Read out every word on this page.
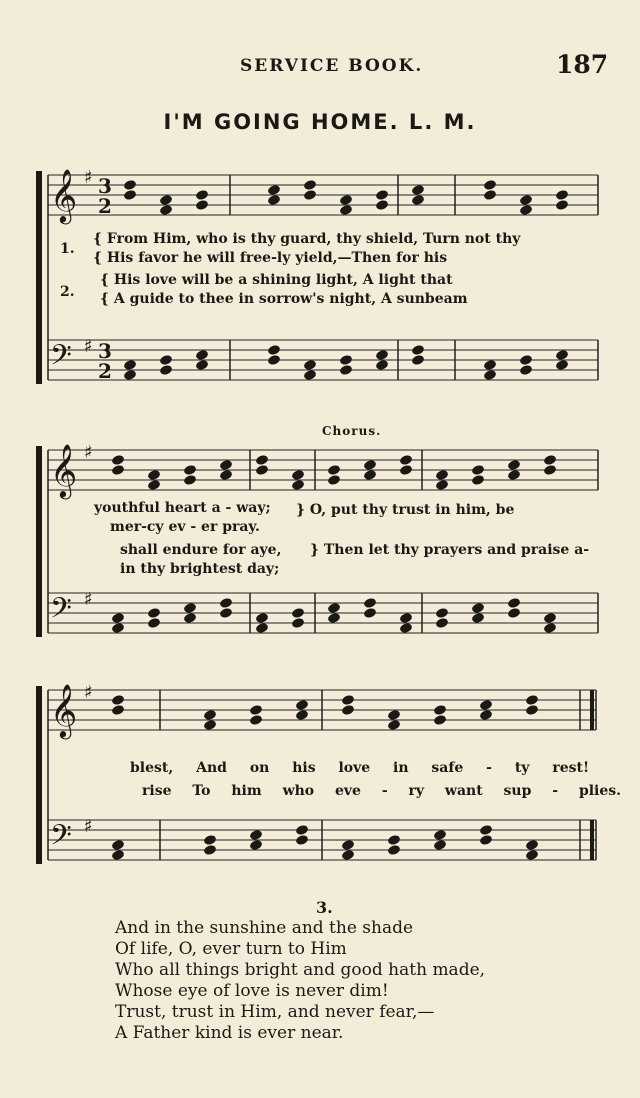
SERVICE BOOK.	187
I'M GOING HOME. L. M.
𝄞 ♯ 3
2
𝄢 ♯ 3
2
𝄞 ♯
𝄢 ♯
𝄞 ♯
𝄢 ♯
1.
2.
{ From Him, who is thy guard, thy shield, Turn not thy
{ His favor he will free-ly yield,—Then for his
{ His love will be a shining light, A light that
{ A guide to thee in sorrow's night, A sunbeam
Chorus.
youthful heart a - way;
mer-cy ev - er pray.
shall endure for aye,
in thy brightest day;
} O, put thy trust in him, be
} Then let thy prayers and praise a-
blest, And on his love in safe - ty rest!
rise To him who eve - ry want sup - plies.
3.
And in the sunshine and the shade
Of life, O, ever turn to Him
Who all things bright and good hath made,
Whose eye of love is never dim!
Trust, trust in Him, and never fear,—
A Father kind is ever near.
